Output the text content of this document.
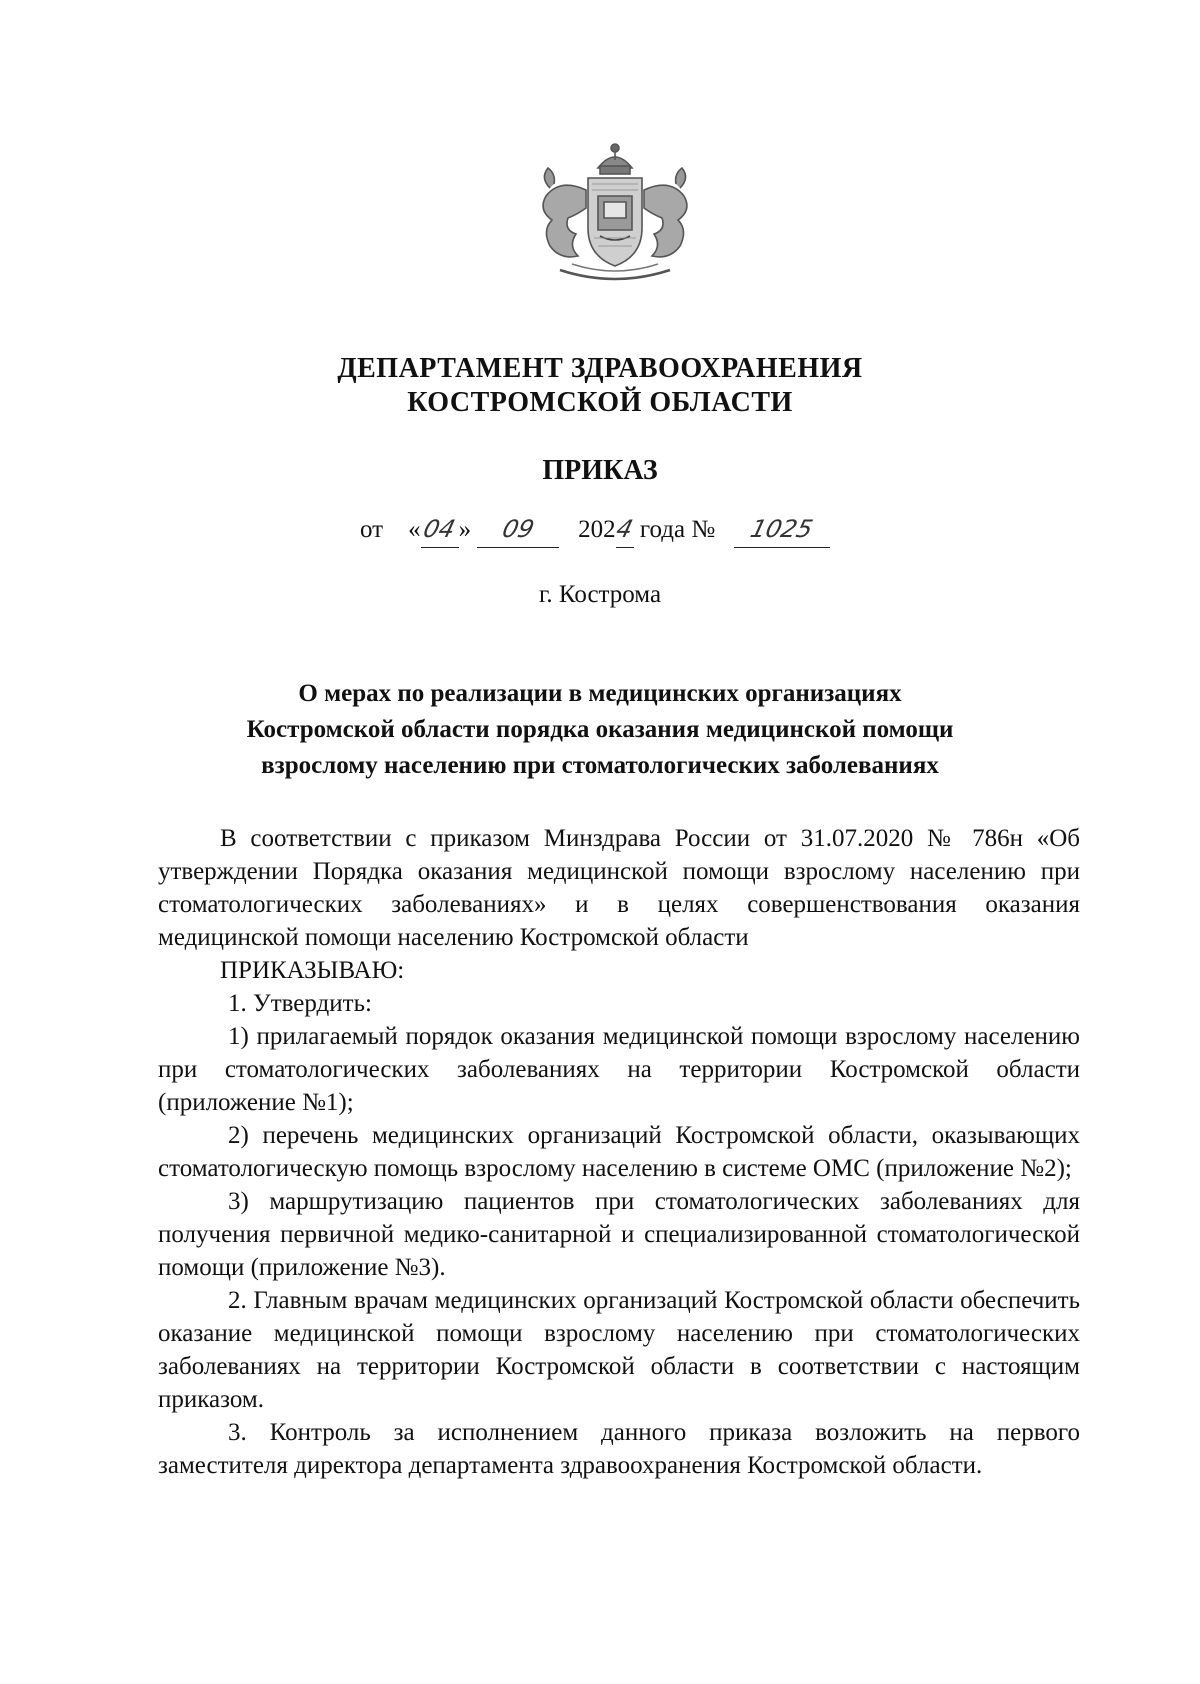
ДЕПАРТАМЕНТ ЗДРАВООХРАНЕНИЯ
КОСТРОМСКОЙ ОБЛАСТИ
ПРИКАЗ
от «04» 09 2024 года № 1025
г. Кострома
О мерах по реализации в медицинских организациях
Костромской области порядка оказания медицинской помощи
взрослому населению при стоматологических заболеваниях

В соответствии с приказом Минздрава России от 31.07.2020 № 786н «Об утверждении Порядка оказания медицинской помощи взрослому населению при стоматологических заболеваниях» и в целях совершенствования оказания медицинской помощи населению Костромской области

ПРИКАЗЫВАЮ:

1. Утвердить:

1) прилагаемый порядок оказания медицинской помощи взрослому населению при стоматологических заболеваниях на территории Костромской области (приложение №1);

2) перечень медицинских организаций Костромской области, оказывающих стоматологическую помощь взрослому населению в системе ОМС (приложение №2);

3) маршрутизацию пациентов при стоматологических заболеваниях для получения первичной медико-санитарной и специализированной стоматологической помощи (приложение №3).

2. Главным врачам медицинских организаций Костромской области обеспечить оказание медицинской помощи взрослому населению при стоматологических заболеваниях на территории Костромской области в соответствии с настоящим приказом.

3. Контроль за исполнением данного приказа возложить на первого заместителя директора департамента здравоохранения Костромской области.
